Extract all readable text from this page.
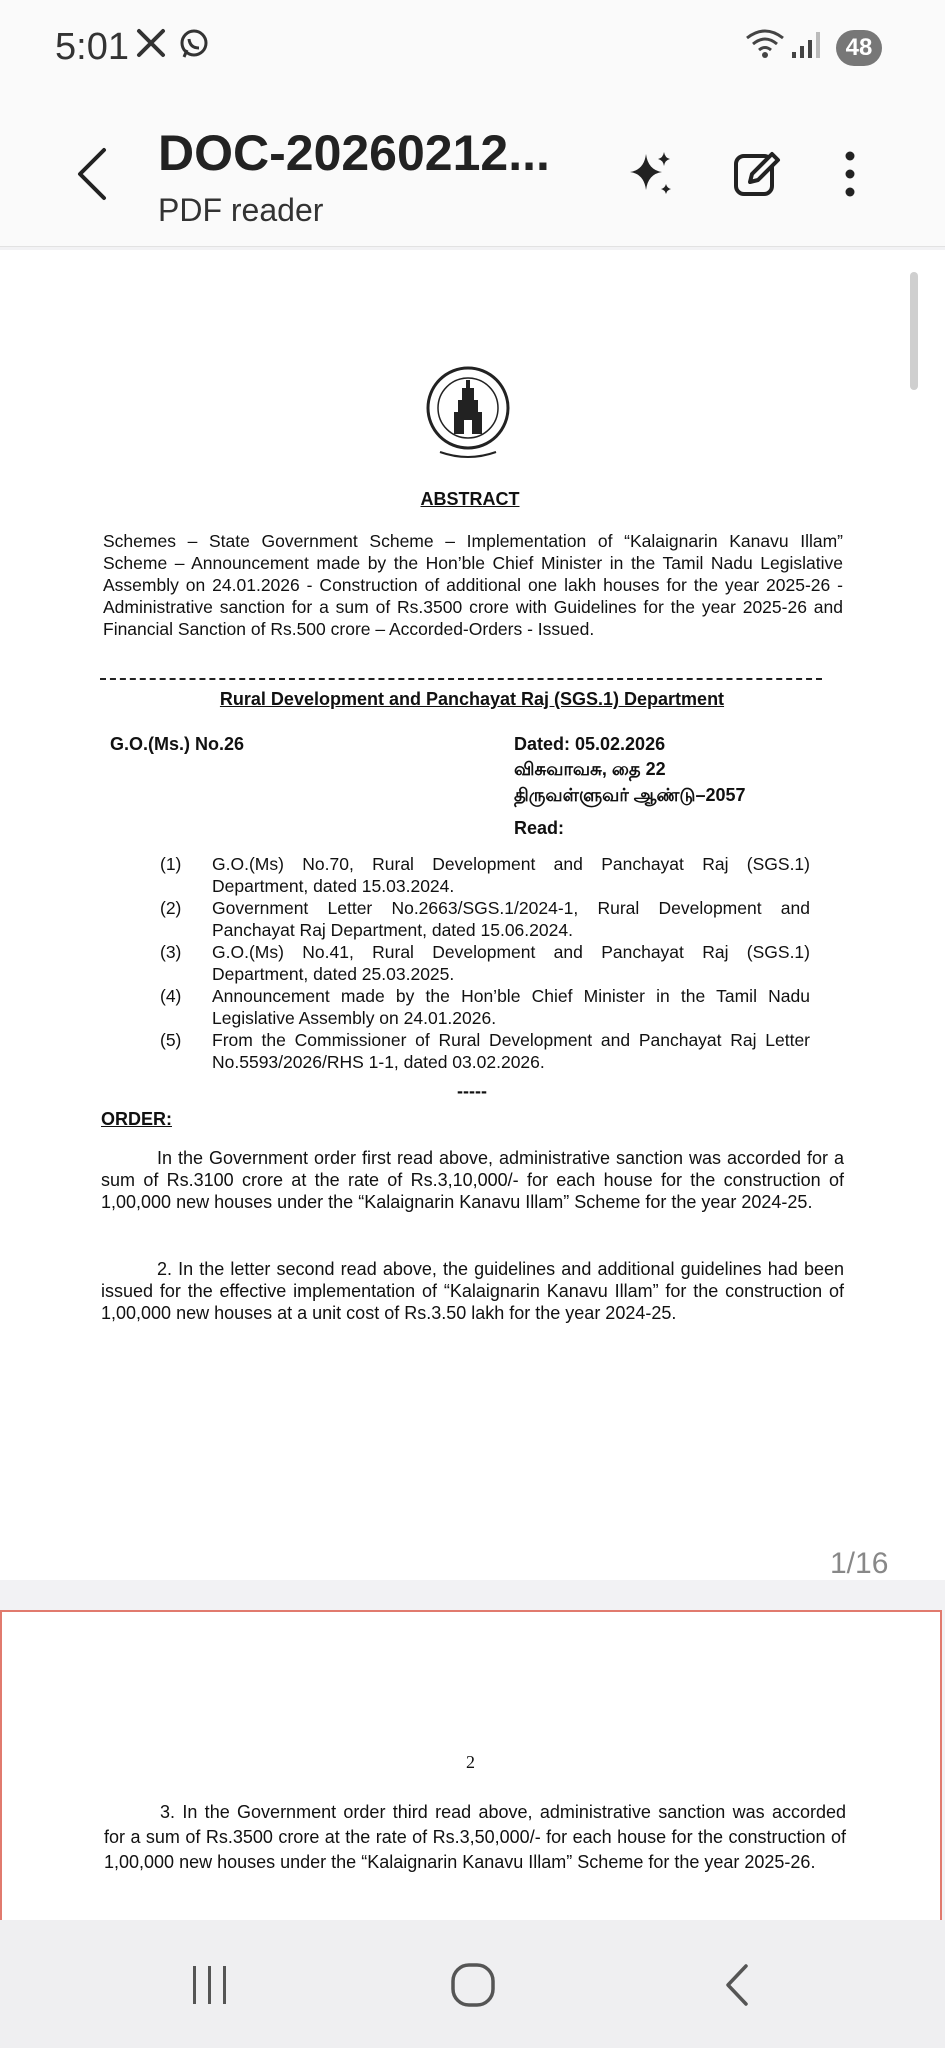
5:01	48
DOC-20260212...
PDF reader
ABSTRACT
Schemes – State Government Scheme – Implementation of “Kalaignarin Kanavu Illam” Scheme – Announcement made by the Hon’ble Chief Minister in the Tamil Nadu Legislative Assembly on 24.01.2026 - Construction of additional one lakh houses for the year 2025-26 - Administrative sanction for a sum of Rs.3500 crore with Guidelines for the year 2025-26 and Financial Sanction of Rs.500 crore – Accorded-Orders - Issued.
Rural Development and Panchayat Raj (SGS.1) Department
G.O.(Ms.) No.26	Dated: 05.02.2026
விசுவாவசு, தை 22
திருவள்ளுவர் ஆண்டு–2057
Read:
(1) G.O.(Ms) No.70, Rural Development and Panchayat Raj (SGS.1) Department, dated 15.03.2024.
(2) Government Letter No.2663/SGS.1/2024-1, Rural Development and Panchayat Raj Department, dated 15.06.2024.
(3) G.O.(Ms) No.41, Rural Development and Panchayat Raj (SGS.1) Department, dated 25.03.2025.
(4) Announcement made by the Hon’ble Chief Minister in the Tamil Nadu Legislative Assembly on 24.01.2026.
(5) From the Commissioner of Rural Development and Panchayat Raj Letter No.5593/2026/RHS 1-1, dated 03.02.2026.
-----
ORDER:
In the Government order first read above, administrative sanction was accorded for a sum of Rs.3100 crore at the rate of Rs.3,10,000/- for each house for the construction of 1,00,000 new houses under the “Kalaignarin Kanavu Illam” Scheme for the year 2024-25.
2. In the letter second read above, the guidelines and additional guidelines had been issued for the effective implementation of “Kalaignarin Kanavu Illam” for the construction of 1,00,000 new houses at a unit cost of Rs.3.50 lakh for the year 2024-25.
1/16
2
3. In the Government order third read above, administrative sanction was accorded for a sum of Rs.3500 crore at the rate of Rs.3,50,000/- for each house for the construction of 1,00,000 new houses under the “Kalaignarin Kanavu Illam” Scheme for the year 2025-26.
